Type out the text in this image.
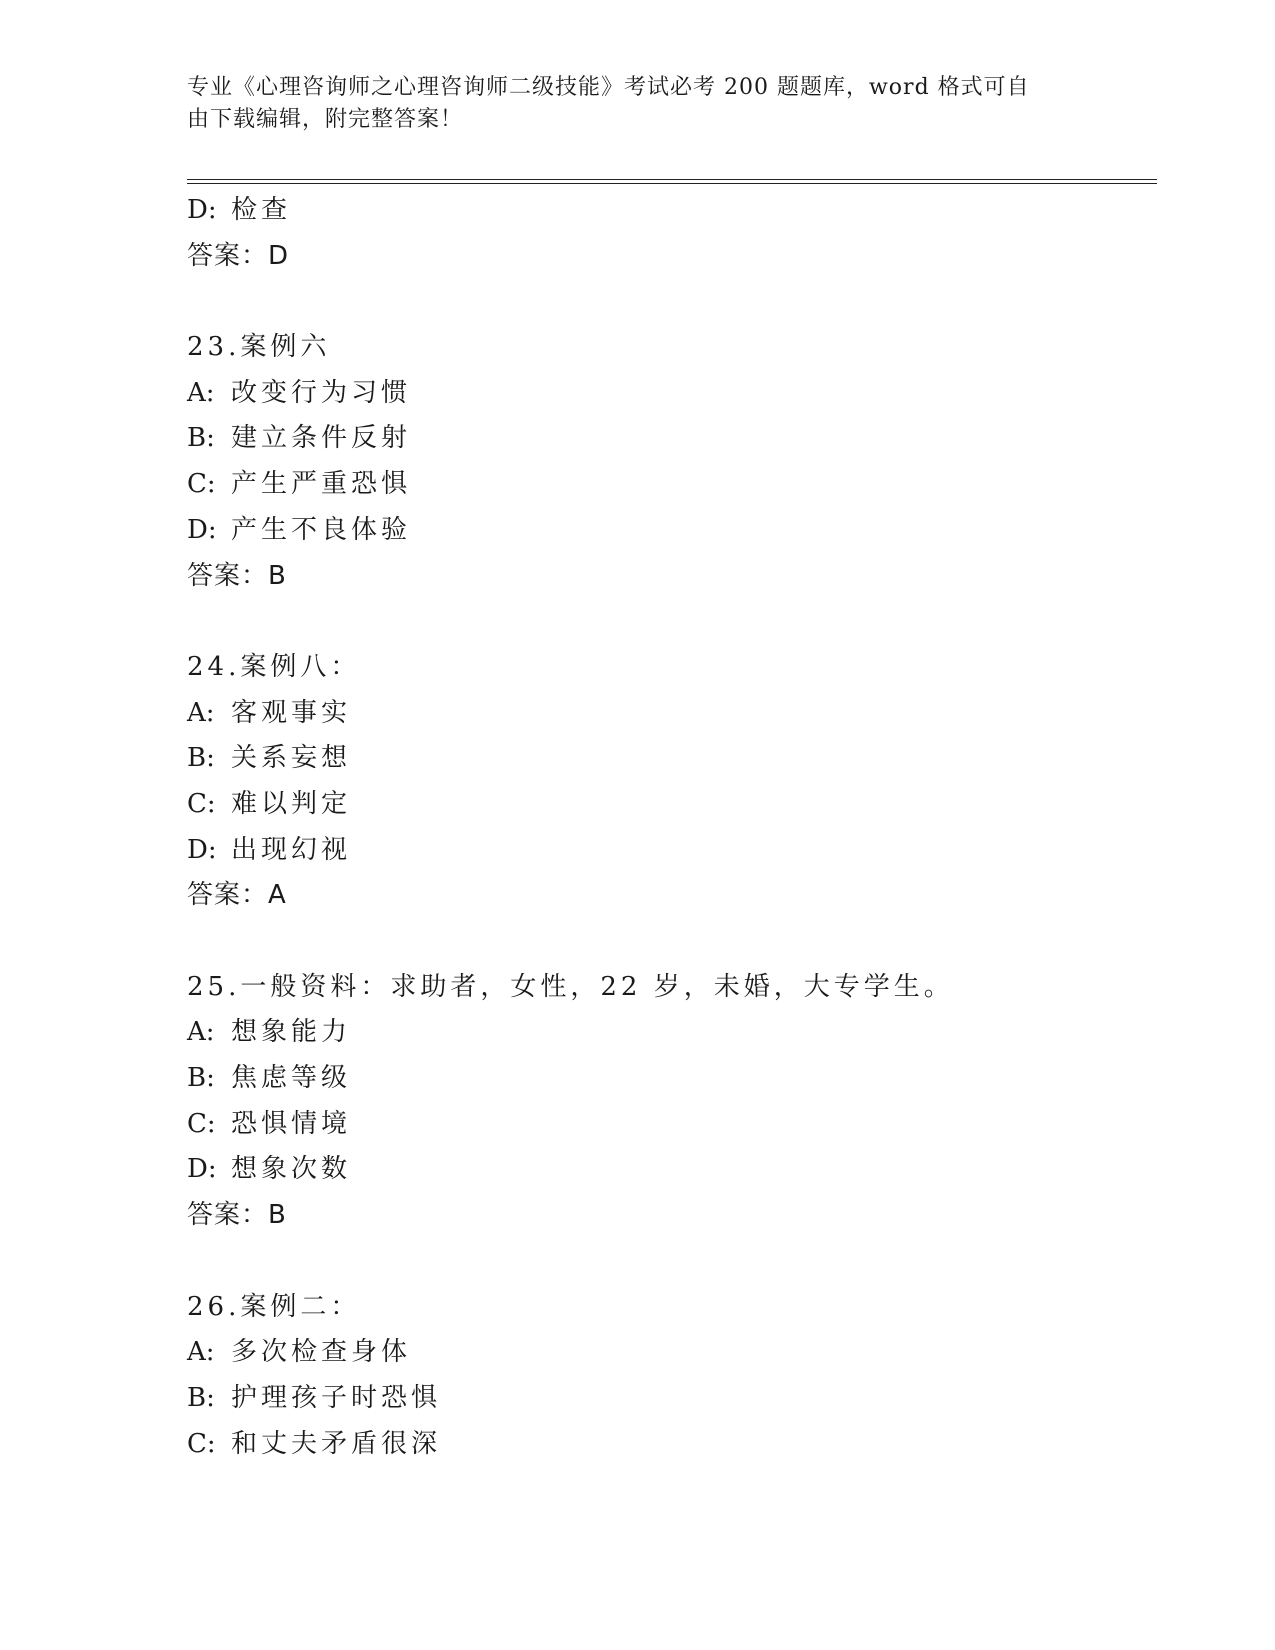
专业《心理咨询师之心理咨询师二级技能》考试必考 200 题题库，word 格式可自
由下载编辑，附完整答案！
D: 检查
答案：D
23.案例六
A: 改变行为习惯
B: 建立条件反射
C: 产生严重恐惧
D: 产生不良体验
答案：B
24.案例八：
A: 客观事实
B: 关系妄想
C: 难以判定
D: 出现幻视
答案：A
25.一般资料：求助者，女性，22 岁，未婚，大专学生。
A: 想象能力
B: 焦虑等级
C: 恐惧情境
D: 想象次数
答案：B
26.案例二：
A: 多次检查身体
B: 护理孩子时恐惧
C: 和丈夫矛盾很深
